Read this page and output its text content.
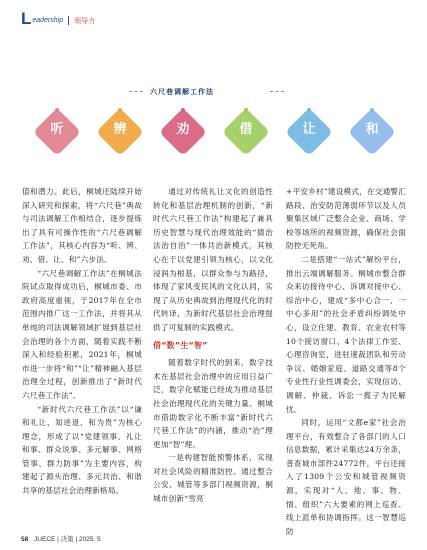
L eadership 领导力
六尺巷调解工作法
听	辨	劝	借	让	和

值和潜力。此后，桐城还陆续开始深入研究和探索，将“六尺巷”典故与司法调解工作相结合，逐步提炼出了具有可操作性的“六尺巷调解工作法”，其核心内容为“听、辨、劝、借、让、和”六步法。

“六尺巷调解工作法”在桐城法院试点取得成功后，桐城市委、市政府高度重视，于2017年在全市范围内推广这一工作法，并将其从单纯的司法调解领域扩展到基层社会治理的各个方面，随着实践不断深入和经验积累，2021年，桐城市进一步将“和”“让”精神融入基层治理全过程，创新推出了“新时代六尺巷工作法”。

“新时代六尺巷工作法”以“谦和礼让、知进退、和为贵”为核心理念，形成了以“党建领事、礼让和事、群众说事、多元解事、网格管事、群力防事”为主要内容，构建起了源头治理、多元共治、和谐共享的基层社会治理新格局。

通过对传统礼让文化的创造性转化和基层治理机制的创新，“新时代六尺巷工作法”构建起了兼具历史智慧与现代治理效能的“德治法治自治”一体共治新模式，其核心在于以党建引领为核心，以文化浸润为根基，以群众参与为路径，体现了家风变民风的文化认同，实现了从历史典故到治理现代化的时代转译，为新时代基层社会治理提供了可复制的实践模式。

借“数”生“智”

随着数字时代的到来，数字技术在基层社会治理中的应用日益广泛，数字化赋能已经成为推动基层社会治理现代化的关键力量。桐城市借助数字化不断丰富“新时代六尺巷工作法”的内涵，推动“治”理更加“智”理。

一是构建智能预警体系，实现对社会风险的精准防控。通过整合公安、城管等多部门视频资源，桐城市创新“雪亮

+平安乡村”建设模式，在交通警汇路段、治安防范薄弱环节以及人员聚集区域广泛整合企业、商场、学校等场所的视频资源，确保社会面防控无死角。

二是搭建“一站式”解纷平台，推出云端调解服务。桐城市整合群众来访接待中心、诉调对接中心、综治中心，建成“多中心合一、一中心多用”的社会矛盾纠纷调处中心，设立住建、教育、农业农村等10个接访窗口、4个法律工作室、心理咨询室，进驻速裁团队和劳动争议、婚姻家庭、道路交通等8个专业性行业性调委会，实现信访、调解、仲裁、诉讼一揽子为民解忧。

同时，运用“文都e家”社会治理平台，有效整合了各部门的人口信息数据，累计采集达24万余条，普查城市部件24772件，平台还接入了1309个公安和城管视频资源，实现对“人、地、事、物、情、组织”六大要素的网上巡查、线上派单和协调指挥。这一智慧巡防

58 JUECE | 决策 | 2025. 5
